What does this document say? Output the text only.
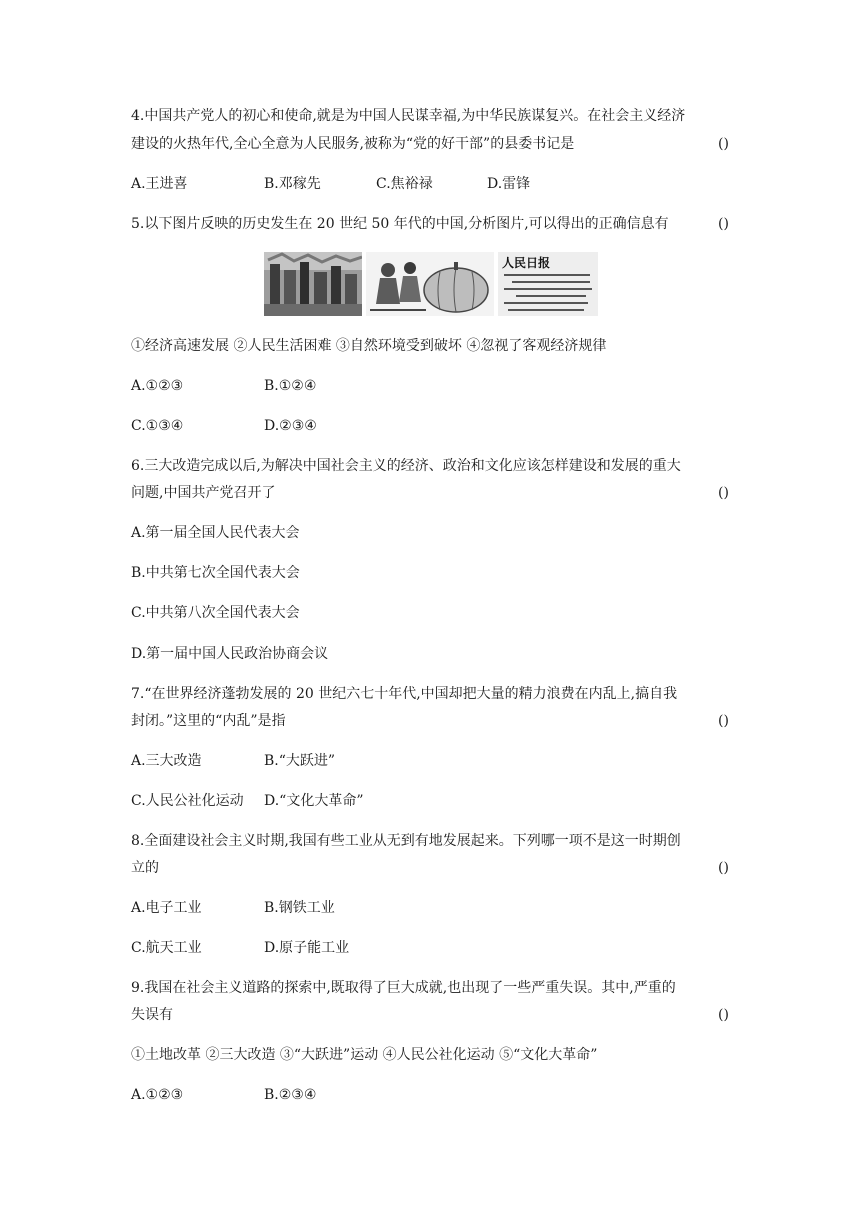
4.中国共产党人的初心和使命,就是为中国人民谋幸福,为中华民族谋复兴。在社会主义经济
建设的火热年代,全心全意为人民服务,被称为“党的好干部”的县委书记是	()
A.王进喜	B.邓稼先	C.焦裕禄	D.雷锋
5.以下图片反映的历史发生在 20 世纪 50 年代的中国,分析图片,可以得出的正确信息有	()
人民日报
①经济高速发展 ②人民生活困难 ③自然环境受到破坏 ④忽视了客观经济规律
A.①②③	B.①②④
C.①③④	D.②③④
6.三大改造完成以后,为解决中国社会主义的经济、政治和文化应该怎样建设和发展的重大
问题,中国共产党召开了	()
A.第一届全国人民代表大会
B.中共第七次全国代表大会
C.中共第八次全国代表大会
D.第一届中国人民政治协商会议
7.“在世界经济蓬勃发展的 20 世纪六七十年代,中国却把大量的精力浪费在内乱上,搞自我
封闭。”这里的“内乱”是指	()
A.三大改造	B.“大跃进”
C.人民公社化运动 D.“文化大革命”
8.全面建设社会主义时期,我国有些工业从无到有地发展起来。下列哪一项不是这一时期创
立的	()
A.电子工业	B.钢铁工业
C.航天工业	D.原子能工业
9.我国在社会主义道路的探索中,既取得了巨大成就,也出现了一些严重失误。其中,严重的
失误有	()
①土地改革 ②三大改造 ③“大跃进”运动 ④人民公社化运动 ⑤“文化大革命”
A.①②③	B.②③④
